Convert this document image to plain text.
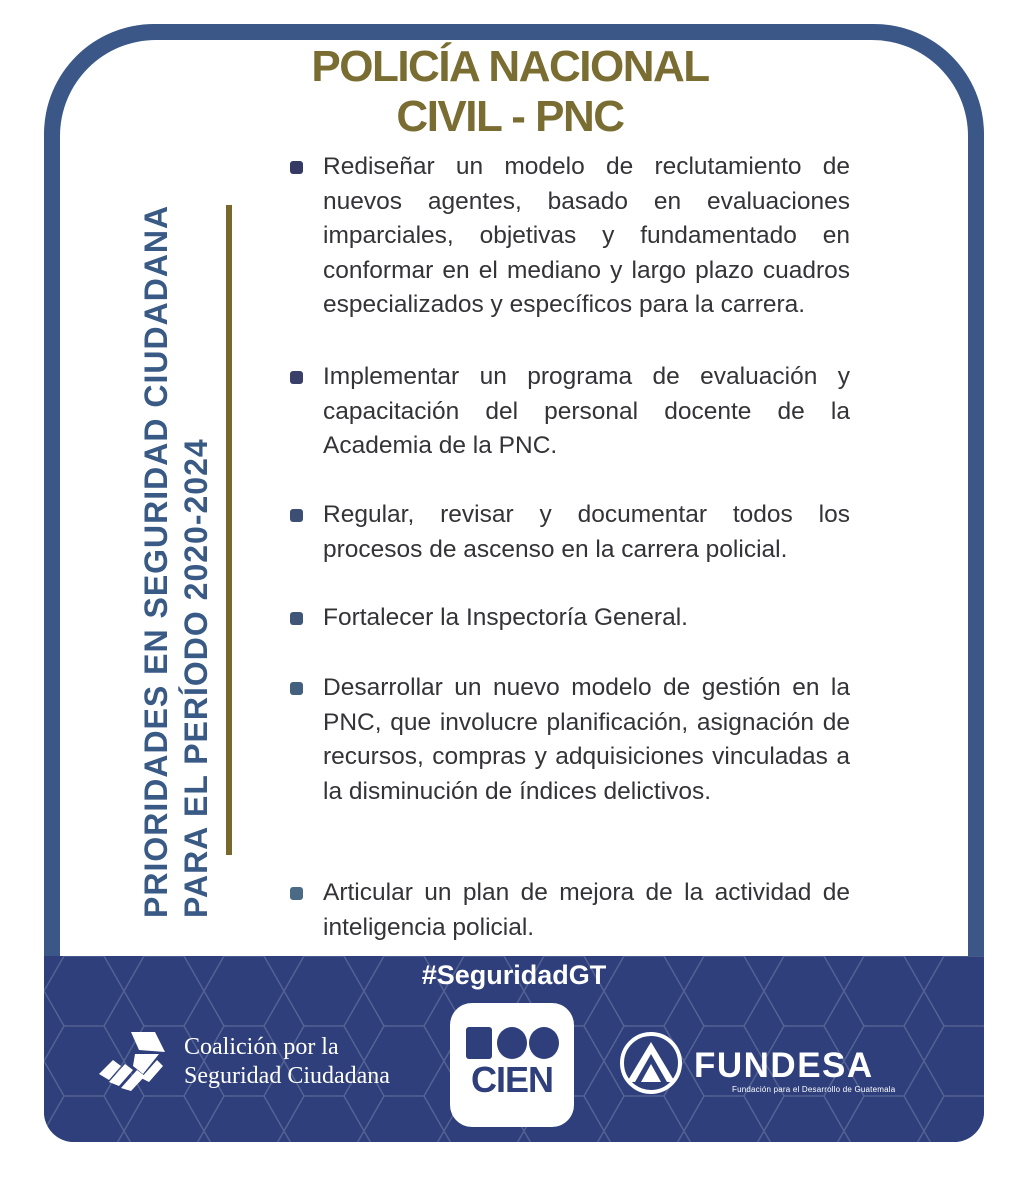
POLICÍA NACIONAL
CIVIL - PNC
PRIORIDADES EN SEGURIDAD CIUDADANA PARA EL PERÍODO 2020-2024
Rediseñar un modelo de reclutamiento de nuevos agentes, basado en evaluaciones imparciales, objetivas y fundamentado en conformar en el mediano y largo plazo cuadros especializados y específicos para la carrera.
Implementar un programa de evaluación y capacitación del personal docente de la Academia de la PNC.
Regular, revisar y documentar todos los procesos de ascenso en la carrera policial.
Fortalecer la Inspectoría General.
Desarrollar un nuevo modelo de gestión en la PNC, que involucre planificación, asignación de recursos, compras y adquisiciones vinculadas a la disminución de índices delictivos.
Articular un plan de mejora de la actividad de inteligencia policial.
#SeguridadGT
Coalición por la
Seguridad Ciudadana	CIEN	FUNDESA
Fundación para el Desarrollo de Guatemala
